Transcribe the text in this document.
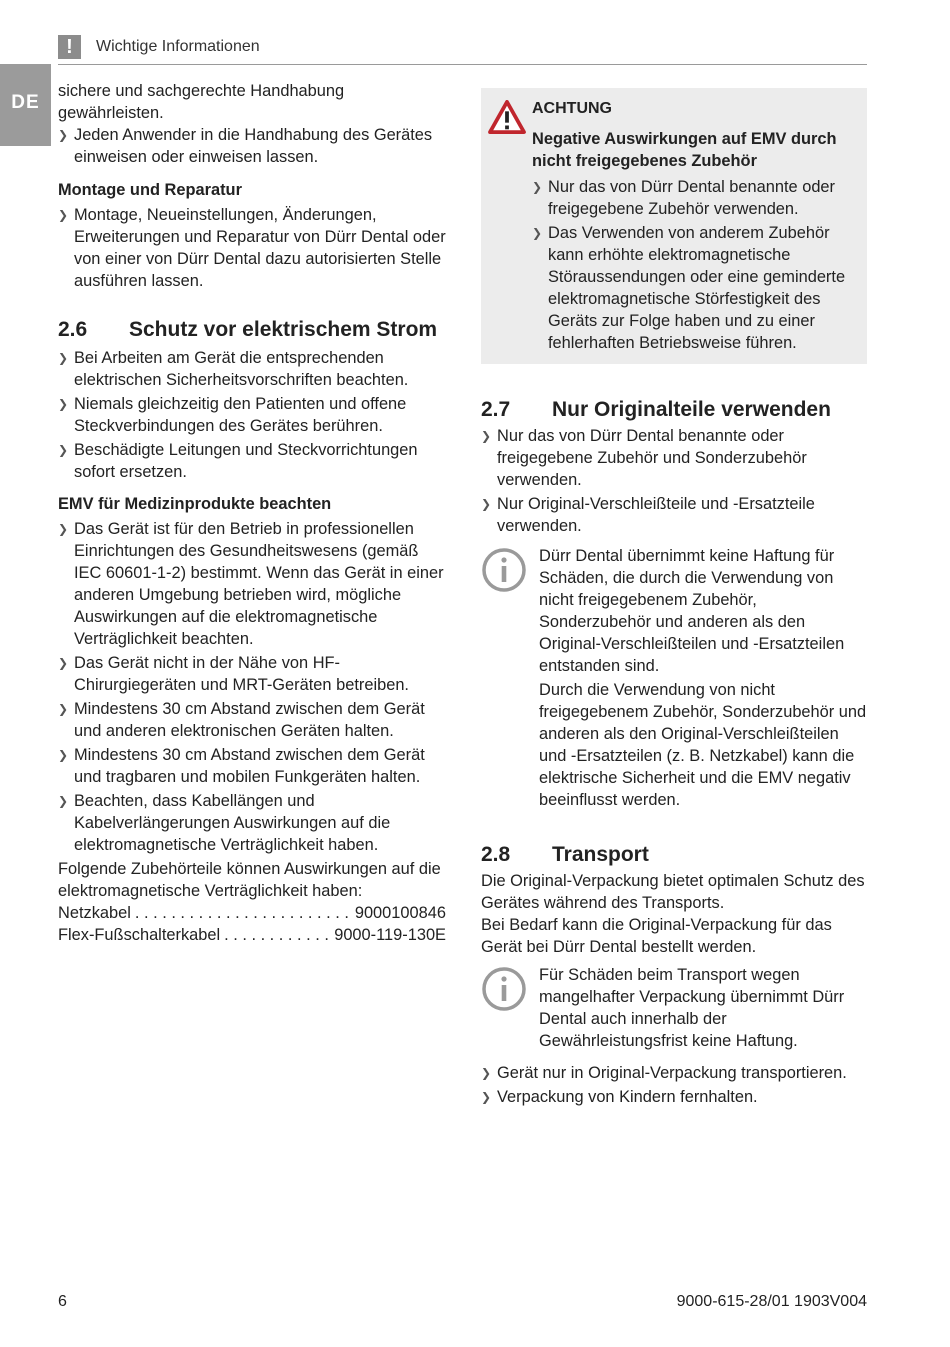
!	Wichtige Informationen
DE

sichere und sachgerechte Handhabung gewährleisten.

❯ Jeden Anwender in die Handhabung des Gerätes einweisen oder einweisen lassen.

Montage und Reparatur

❯ Montage, Neueinstellungen, Änderungen, Erweiterungen und Reparatur von Dürr Dental oder von einer von Dürr Dental dazu autorisierten Stelle ausführen lassen.
2.6	Schutz vor elektrischem Strom
❯ Bei Arbeiten am Gerät die entsprechenden elektrischen Sicherheitsvorschriften beachten.
❯ Niemals gleichzeitig den Patienten und offene Steckverbindungen des Gerätes berühren.
❯ Beschädigte Leitungen und Steckvorrichtungen sofort ersetzen.

EMV für Medizinprodukte beachten

❯ Das Gerät ist für den Betrieb in professionellen Einrichtungen des Gesundheitswesens (gemäß IEC 60601-1-2) bestimmt. Wenn das Gerät in einer anderen Umgebung betrieben wird, mögliche Auswirkungen auf die elektromagnetische Verträglichkeit beachten.
❯ Das Gerät nicht in der Nähe von HF-Chirurgiegeräten und MRT-Geräten betreiben.
❯ Mindestens 30 cm Abstand zwischen dem Gerät und anderen elektronischen Geräten halten.
❯ Mindestens 30 cm Abstand zwischen dem Gerät und tragbaren und mobilen Funkgeräten halten.
❯ Beachten, dass Kabellängen und Kabelverlängerungen Auswirkungen auf die elektromagnetische Verträglichkeit haben.

Folgende Zubehörteile können Auswirkungen auf die elektromagnetische Verträglichkeit haben:

Netzkabel . . .	9000100846
Flex-Fußschalterkabel . . .	9000-119-130E
ACHTUNG
Negative Auswirkungen auf EMV durch nicht freigegebenes Zubehör
❯ Nur das von Dürr Dental benannte oder freigegebene Zubehör verwenden.
❯ Das Verwenden von anderem Zubehör kann erhöhte elektromagnetische Störaussendungen oder eine geminderte elektromagnetische Störfestigkeit des Geräts zur Folge haben und zu einer fehlerhaften Betriebsweise führen.
2.7	Nur Originalteile verwenden
❯ Nur das von Dürr Dental benannte oder freigegebene Zubehör und Sonderzubehör verwenden.
❯ Nur Original-Verschleißteile und -Ersatzteile verwenden.

Dürr Dental übernimmt keine Haftung für Schäden, die durch die Verwendung von nicht freigegebenem Zubehör, Sonderzubehör und anderen als den Original-Verschleißteilen und -Ersatzteilen entstanden sind.

Durch die Verwendung von nicht freigegebenem Zubehör, Sonderzubehör und anderen als den Original-Verschleißteilen und -Ersatzteilen (z. B. Netzkabel) kann die elektrische Sicherheit und die EMV negativ beeinflusst werden.

2.8	Transport

Die Original-Verpackung bietet optimalen Schutz des Gerätes während des Transports.

Bei Bedarf kann die Original-Verpackung für das Gerät bei Dürr Dental bestellt werden.

Für Schäden beim Transport wegen mangelhafter Verpackung übernimmt Dürr Dental auch innerhalb der Gewährleistungsfrist keine Haftung.

❯ Gerät nur in Original-Verpackung transportieren.
❯ Verpackung von Kindern fernhalten.
6	9000-615-28/01 1903V004
